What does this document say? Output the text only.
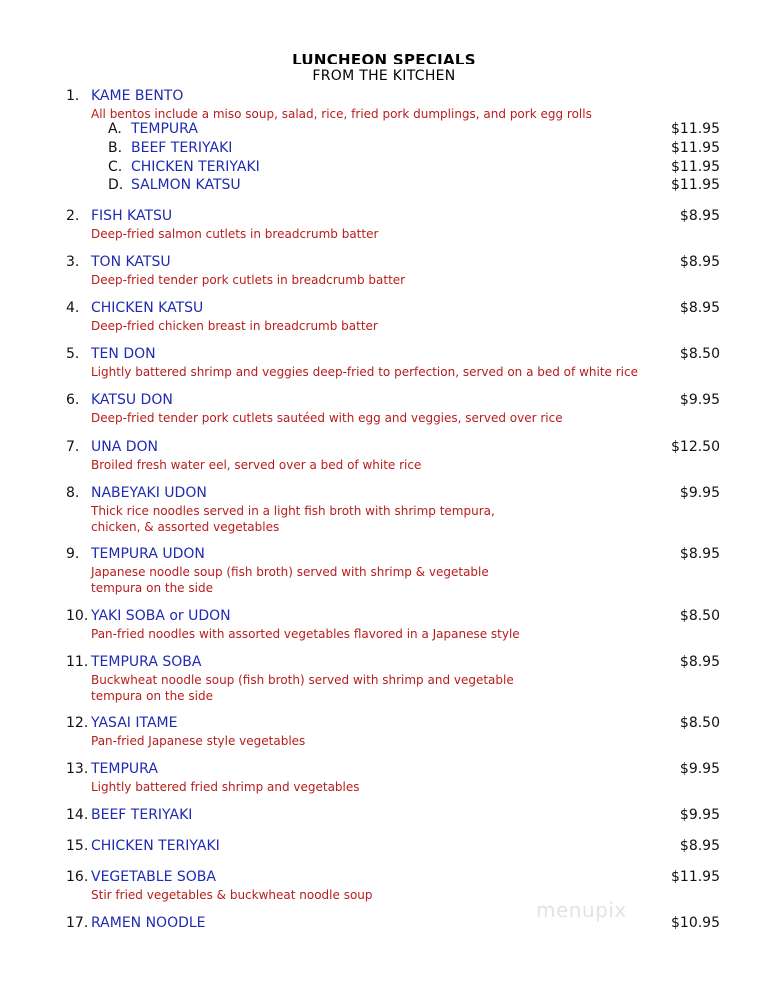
LUNCHEON SPECIALS
FROM THE KITCHEN
1. KAME BENTO
All bentos include a miso soup, salad, rice, fried pork dumplings, and pork egg rolls
A. TEMPURA	$11.95
B. BEEF TERIYAKI	$11.95
C. CHICKEN TERIYAKI	$11.95
D. SALMON KATSU	$11.95
2. FISH KATSU	$8.95
Deep-fried salmon cutlets in breadcrumb batter

3. TON KATSU	$8.95
Deep-fried tender pork cutlets in breadcrumb batter

4. CHICKEN KATSU	$8.95
Deep-fried chicken breast in breadcrumb batter

5. TEN DON	$8.50
Lightly battered shrimp and veggies deep-fried to perfection, served on a bed of white rice

6. KATSU DON	$9.95
Deep-fried tender pork cutlets sautéed with egg and veggies, served over rice

7. UNA DON	$12.50
Broiled fresh water eel, served over a bed of white rice

8. NABEYAKI UDON	$9.95
Thick rice noodles served in a light fish broth with shrimp tempura,
chicken, & assorted vegetables
9. TEMPURA UDON	$8.95
Japanese noodle soup (fish broth) served with shrimp & vegetable
tempura on the side
10. YAKI SOBA or UDON	$8.50
Pan-fried noodles with assorted vegetables flavored in a Japanese style

11. TEMPURA SOBA	$8.95
Buckwheat noodle soup (fish broth) served with shrimp and vegetable
tempura on the side
12. YASAI ITAME	$8.50
Pan-fried Japanese style vegetables

13. TEMPURA	$9.95
Lightly battered fried shrimp and vegetables

14. BEEF TERIYAKI	$9.95
15. CHICKEN TERIYAKI	$8.95
16. VEGETABLE SOBA	$11.95
Stir fried vegetables & buckwheat noodle soup

17. RAMEN NOODLE	$10.95
menupix
